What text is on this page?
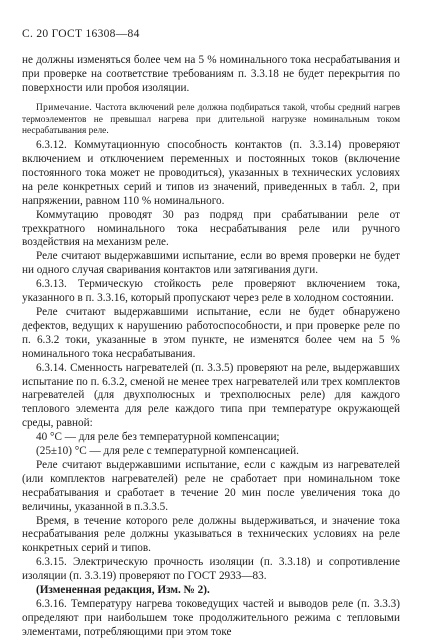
С. 20 ГОСТ 16308—84

не должны изменяться более чем на 5 % номинального тока несрабатывания и при проверке на соответствие требованиям п. 3.3.18 не будет перекрытия по поверхности или пробоя изоляции.

Примечание. Частота включений реле должна подбираться такой, чтобы средний нагрев термоэлементов не превышал нагрева при длительной нагрузке номинальным током несрабатывания реле.

6.3.12. Коммутационную способность контактов (п. 3.3.14) проверяют включением и отключением переменных и постоянных токов (включение постоянного тока может не проводиться), указанных в технических условиях на реле конкретных серий и типов из значений, приведенных в табл. 2, при напряжении, равном 110 % номинального.

Коммутацию проводят 30 раз подряд при срабатывании реле от трехкратного номинального тока несрабатывания реле или ручного воздействия на механизм реле.

Реле считают выдержавшими испытание, если во время проверки не будет ни одного случая сваривания контактов или затягивания дуги.

6.3.13. Термическую стойкость реле проверяют включением тока, указанного в п. 3.3.16, который пропускают через реле в холодном состоянии.

Реле считают выдержавшими испытание, если не будет обнаружено дефектов, ведущих к нарушению работоспособности, и при проверке реле по п. 6.3.2 токи, указанные в этом пункте, не изменятся более чем на 5 % номинального тока несрабатывания.

6.3.14. Сменность нагревателей (п. 3.3.5) проверяют на реле, выдержавших испытание по п. 6.3.2, сменой не менее трех нагревателей или трех комплектов нагревателей (для двухполюсных и трехполюсных реле) для каждого теплового элемента для реле каждого типа при температуре окружающей среды, равной:

40 °С — для реле без температурной компенсации;

(25±10) °С — для реле с температурной компенсацией.

Реле считают выдержавшими испытание, если с каждым из нагревателей (или комплектов нагревателей) реле не сработает при номинальном токе несрабатывания и сработает в течение 20 мин после увеличения тока до величины, указанной в п.3.3.5.

Время, в течение которого реле должны выдерживаться, и значение тока несрабатывания реле должны указываться в технических условиях на реле конкретных серий и типов.

6.3.15. Электрическую прочность изоляции (п. 3.3.18) и сопротивление изоляции (п. 3.3.19) проверяют по ГОСТ 2933—83.

(Измененная редакция, Изм. № 2).

6.3.16. Температуру нагрева токоведущих частей и выводов реле (п. 3.3.3) определяют при наибольшем токе продолжительного режима с тепловыми элементами, потребляющими при этом токе
